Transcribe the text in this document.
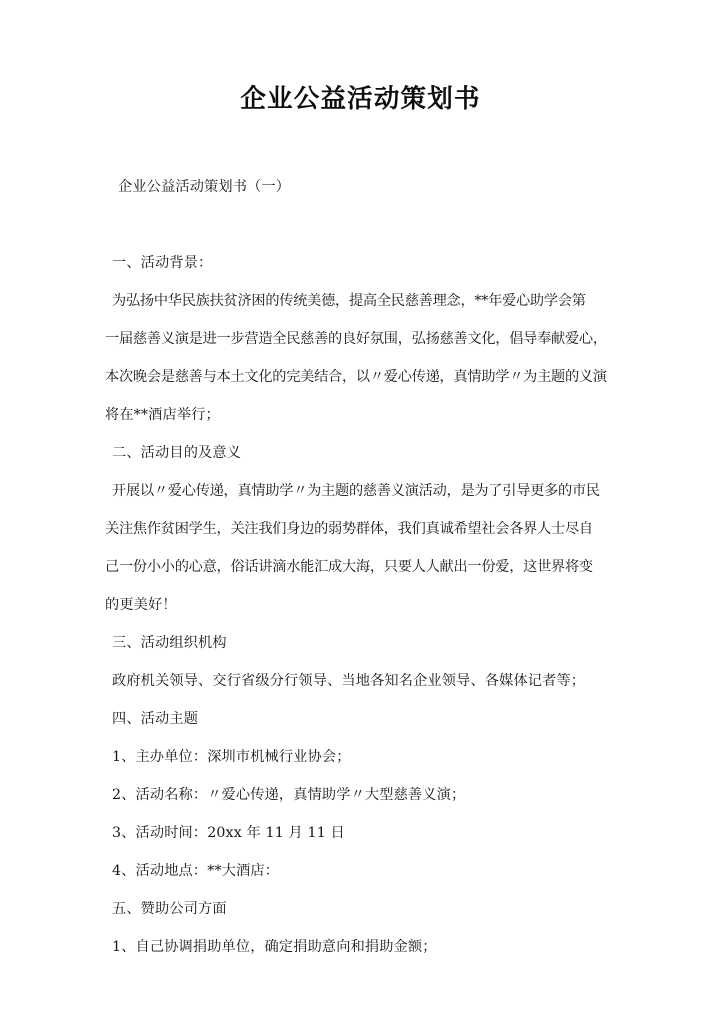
企业公益活动策划书
企业公益活动策划书（一）
一、活动背景：
为弘扬中华民族扶贫济困的传统美德，提高全民慈善理念，**年爱心助学会第
一届慈善义演是进一步营造全民慈善的良好氛围，弘扬慈善文化，倡导奉献爱心，
本次晚会是慈善与本土文化的完美结合，以〃爱心传递，真情助学〃为主题的义演
将在**酒店举行；
二、活动目的及意义
开展以〃爱心传递，真情助学〃为主题的慈善义演活动，是为了引导更多的市民
关注焦作贫困学生，关注我们身边的弱势群体，我们真诚希望社会各界人士尽自
己一份小小的心意，俗话讲滴水能汇成大海，只要人人献出一份爱，这世界将变
的更美好！
三、活动组织机构
政府机关领导、交行省级分行领导、当地各知名企业领导、各媒体记者等；
四、活动主题
1、主办单位：深圳市机械行业协会；
2、活动名称：〃爱心传递，真情助学〃大型慈善义演；
3、活动时间：20xx 年 11 月 11 日
4、活动地点：**大酒店：
五、赞助公司方面
1、自己协调捐助单位，确定捐助意向和捐助金额；
